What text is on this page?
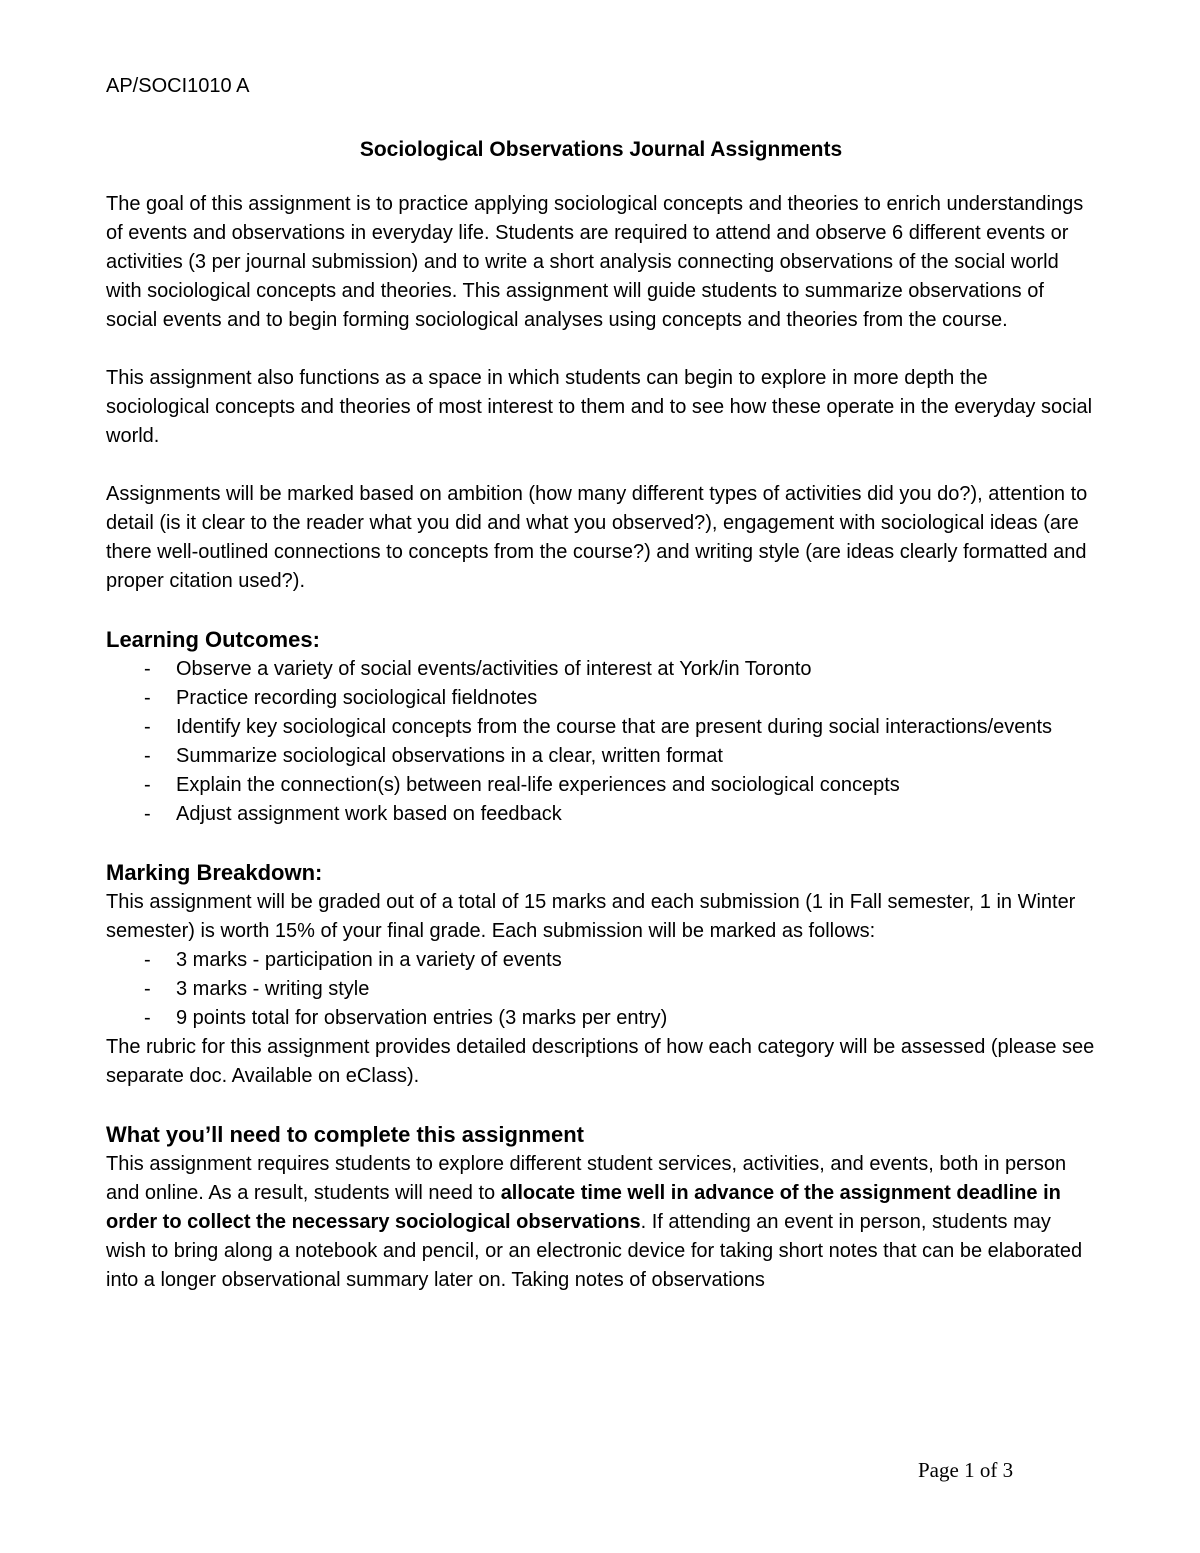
AP/SOCI1010 A
Sociological Observations Journal Assignments

The goal of this assignment is to practice applying sociological concepts and theories to enrich understandings of events and observations in everyday life. Students are required to attend and observe 6 different events or activities (3 per journal submission) and to write a short analysis connecting observations of the social world with sociological concepts and theories. This assignment will guide students to summarize observations of social events and to begin forming sociological analyses using concepts and theories from the course.

This assignment also functions as a space in which students can begin to explore in more depth the sociological concepts and theories of most interest to them and to see how these operate in the everyday social world.

Assignments will be marked based on ambition (how many different types of activities did you do?), attention to detail (is it clear to the reader what you did and what you observed?), engagement with sociological ideas (are there well-outlined connections to concepts from the course?) and writing style (are ideas clearly formatted and proper citation used?).

Learning Outcomes:
- Observe a variety of social events/activities of interest at York/in Toronto
- Practice recording sociological fieldnotes
- Identify key sociological concepts from the course that are present during social interactions/events
- Summarize sociological observations in a clear, written format
- Explain the connection(s) between real-life experiences and sociological concepts
- Adjust assignment work based on feedback
Marking Breakdown:
This assignment will be graded out of a total of 15 marks and each submission (1 in Fall semester, 1 in Winter semester) is worth 15% of your final grade. Each submission will be marked as follows:
- 3 marks - participation in a variety of events
- 3 marks - writing style
- 9 points total for observation entries (3 marks per entry)

The rubric for this assignment provides detailed descriptions of how each category will be assessed (please see separate doc. Available on eClass).

What you’ll need to complete this assignment
This assignment requires students to explore different student services, activities, and events, both in person and online. As a result, students will need to allocate time well in advance of the assignment deadline in order to collect the necessary sociological observations. If attending an event in person, students may wish to bring along a notebook and pencil, or an electronic device for taking short notes that can be elaborated into a longer observational summary later on. Taking notes of observations
Page 1 of 3
